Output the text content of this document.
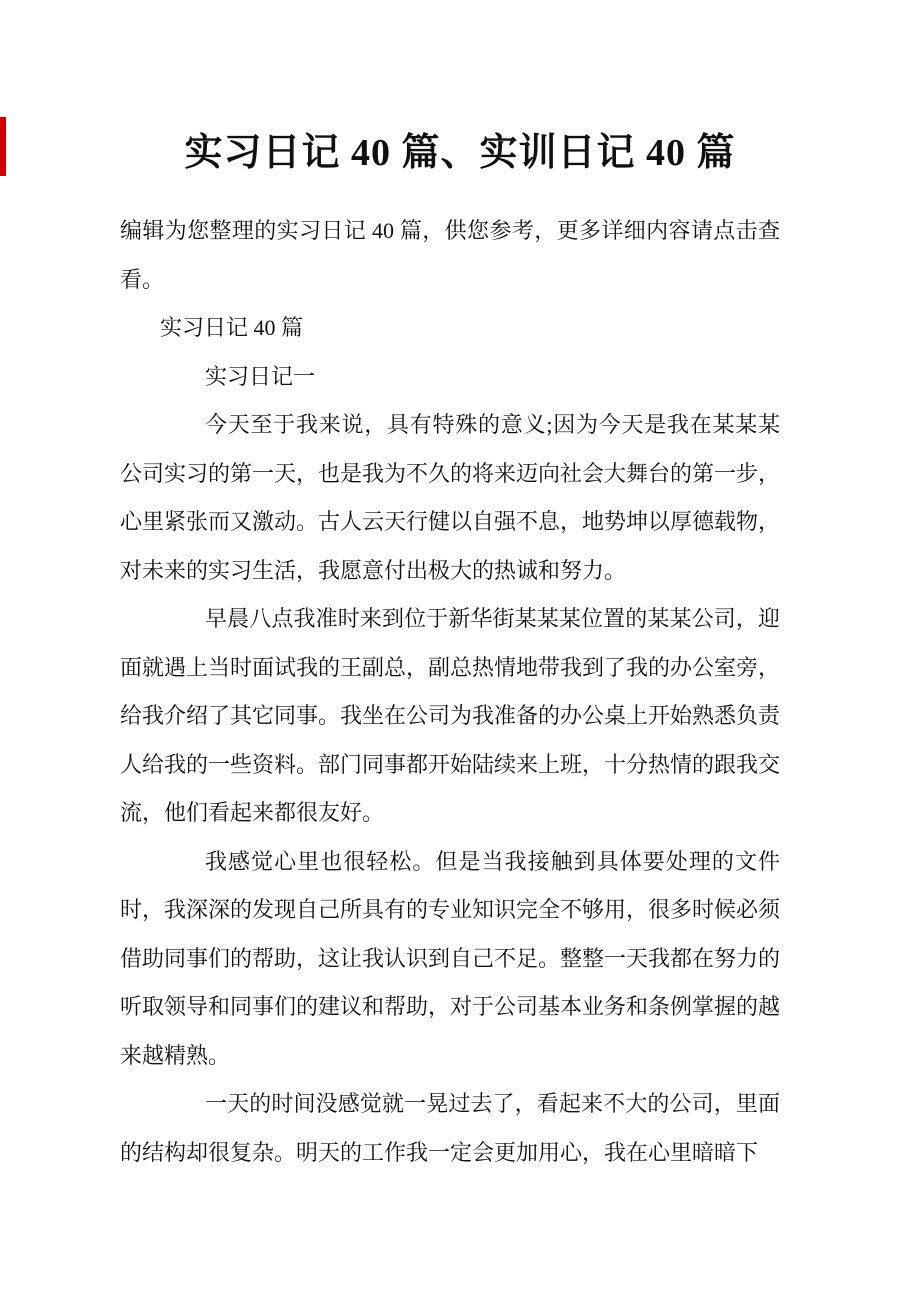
实习日记 40 篇、实训日记 40 篇

编辑为您整理的实习日记 40 篇，供您参考，更多详细内容请点击查看。

实习日记 40 篇

实习日记一

今天至于我来说，具有特殊的意义;因为今天是我在某某某公司实习的第一天，也是我为不久的将来迈向社会大舞台的第一步，心里紧张而又激动。古人云天行健以自强不息，地势坤以厚德载物，对未来的实习生活，我愿意付出极大的热诚和努力。

早晨八点我准时来到位于新华街某某某位置的某某公司，迎面就遇上当时面试我的王副总，副总热情地带我到了我的办公室旁，给我介绍了其它同事。我坐在公司为我准备的办公桌上开始熟悉负责人给我的一些资料。部门同事都开始陆续来上班，十分热情的跟我交流，他们看起来都很友好。

我感觉心里也很轻松。但是当我接触到具体要处理的文件时，我深深的发现自己所具有的专业知识完全不够用，很多时候必须借助同事们的帮助，这让我认识到自己不足。整整一天我都在努力的听取领导和同事们的建议和帮助，对于公司基本业务和条例掌握的越来越精熟。

一天的时间没感觉就一晃过去了，看起来不大的公司，里面的结构却很复杂。明天的工作我一定会更加用心，我在心里暗暗下
